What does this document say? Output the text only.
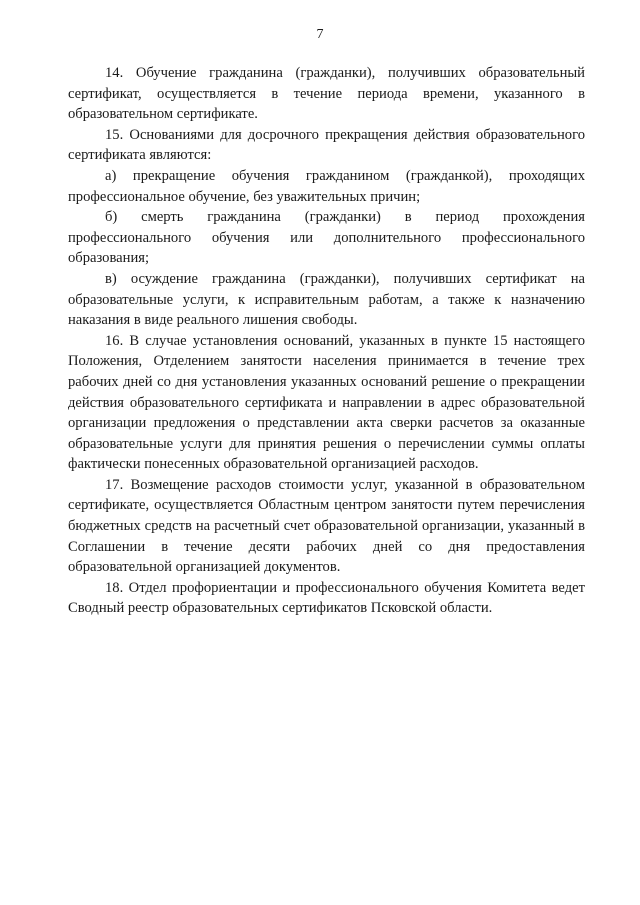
7

14. Обучение гражданина (гражданки), получивших образовательный сертификат, осуществляется в течение периода времени, указанного в образовательном сертификате.

15. Основаниями для досрочного прекращения действия образовательного сертификата являются:

а) прекращение обучения гражданином (гражданкой), проходящих профессиональное обучение, без уважительных причин;

б) смерть гражданина (гражданки) в период прохождения профессионального обучения или дополнительного профессионального образования;

в) осуждение гражданина (гражданки), получивших сертификат на образовательные услуги, к исправительным работам, а также к назначению наказания в виде реального лишения свободы.

16. В случае установления оснований, указанных в пункте 15 настоящего Положения, Отделением занятости населения принимается в течение трех рабочих дней со дня установления указанных оснований решение о прекращении действия образовательного сертификата и направлении в адрес образовательной организации предложения о представлении акта сверки расчетов за оказанные образовательные услуги для принятия решения о перечислении суммы оплаты фактически понесенных образовательной организацией расходов.

17. Возмещение расходов стоимости услуг, указанной в образовательном сертификате, осуществляется Областным центром занятости путем перечисления бюджетных средств на расчетный счет образовательной организации, указанный в Соглашении в течение десяти рабочих дней со дня предоставления образовательной организацией документов.

18. Отдел профориентации и профессионального обучения Комитета ведет Сводный реестр образовательных сертификатов Псковской области.
